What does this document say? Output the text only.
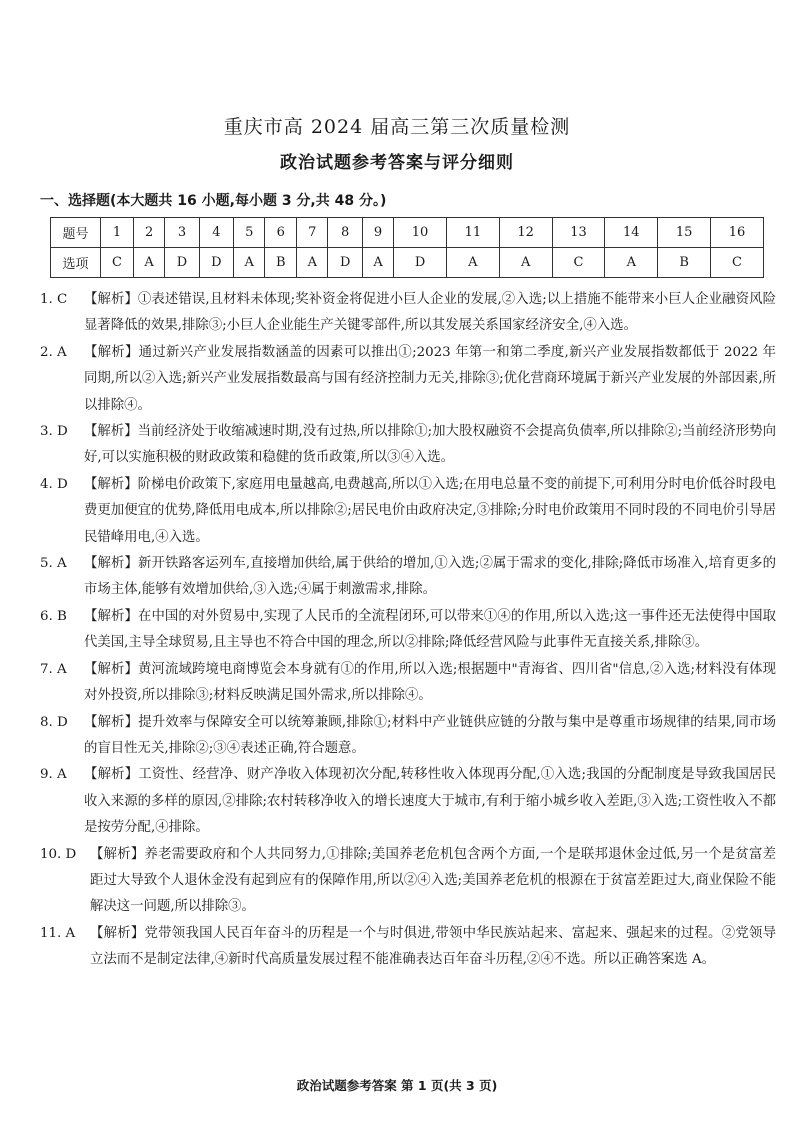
重庆市高 2024 届高三第三次质量检测
政治试题参考答案与评分细则
一、选择题(本大题共 16 小题,每小题 3 分,共 48 分。)
题号	1	2	3	4	5	6	7	8	9	10	11	12	13	14	15	16
选项	C	A	D	D	A	B	A	D	A	D	A	A	C	A	B	C
1. C	【解析】①表述错误,且材料未体现;奖补资金将促进小巨人企业的发展,②入选;以上措施不能带来小巨人企业融资风险显著降低的效果,排除③;小巨人企业能生产关键零部件,所以其发展关系国家经济安全,④入选。
2. A	【解析】通过新兴产业发展指数涵盖的因素可以推出①;2023 年第一和第二季度,新兴产业发展指数都低于 2022 年同期,所以②入选;新兴产业发展指数最高与国有经济控制力无关,排除③;优化营商环境属于新兴产业发展的外部因素,所以排除④。
3. D	【解析】当前经济处于收缩减速时期,没有过热,所以排除①;加大股权融资不会提高负债率,所以排除②;当前经济形势向好,可以实施积极的财政政策和稳健的货币政策,所以③④入选。
4. D	【解析】阶梯电价政策下,家庭用电量越高,电费越高,所以①入选;在用电总量不变的前提下,可利用分时电价低谷时段电费更加便宜的优势,降低用电成本,所以排除②;居民电价由政府决定,③排除;分时电价政策用不同时段的不同电价引导居民错峰用电,④入选。
5. A	【解析】新开铁路客运列车,直接增加供给,属于供给的增加,①入选;②属于需求的变化,排除;降低市场准入,培育更多的市场主体,能够有效增加供给,③入选;④属于刺激需求,排除。
6. B	【解析】在中国的对外贸易中,实现了人民币的全流程闭环,可以带来①④的作用,所以入选;这一事件还无法使得中国取代美国,主导全球贸易,且主导也不符合中国的理念,所以②排除;降低经营风险与此事件无直接关系,排除③。
7. A	【解析】黄河流域跨境电商博览会本身就有①的作用,所以入选;根据题中"青海省、四川省"信息,②入选;材料没有体现对外投资,所以排除③;材料反映满足国外需求,所以排除④。
8. D	【解析】提升效率与保障安全可以统筹兼顾,排除①;材料中产业链供应链的分散与集中是尊重市场规律的结果,同市场的盲目性无关,排除②;③④表述正确,符合题意。
9. A	【解析】工资性、经营净、财产净收入体现初次分配,转移性收入体现再分配,①入选;我国的分配制度是导致我国居民收入来源的多样的原因,②排除;农村转移净收入的增长速度大于城市,有利于缩小城乡收入差距,③入选;工资性收入不都是按劳分配,④排除。
10. D	【解析】养老需要政府和个人共同努力,①排除;美国养老危机包含两个方面,一个是联邦退休金过低,另一个是贫富差距过大导致个人退休金没有起到应有的保障作用,所以②④入选;美国养老危机的根源在于贫富差距过大,商业保险不能解决这一问题,所以排除③。
11. A	【解析】党带领我国人民百年奋斗的历程是一个与时俱进,带领中华民族站起来、富起来、强起来的过程。②党领导立法而不是制定法律,④新时代高质量发展过程不能准确表达百年奋斗历程,②④不选。所以正确答案选 A。
政治试题参考答案 第 1 页(共 3 页)
